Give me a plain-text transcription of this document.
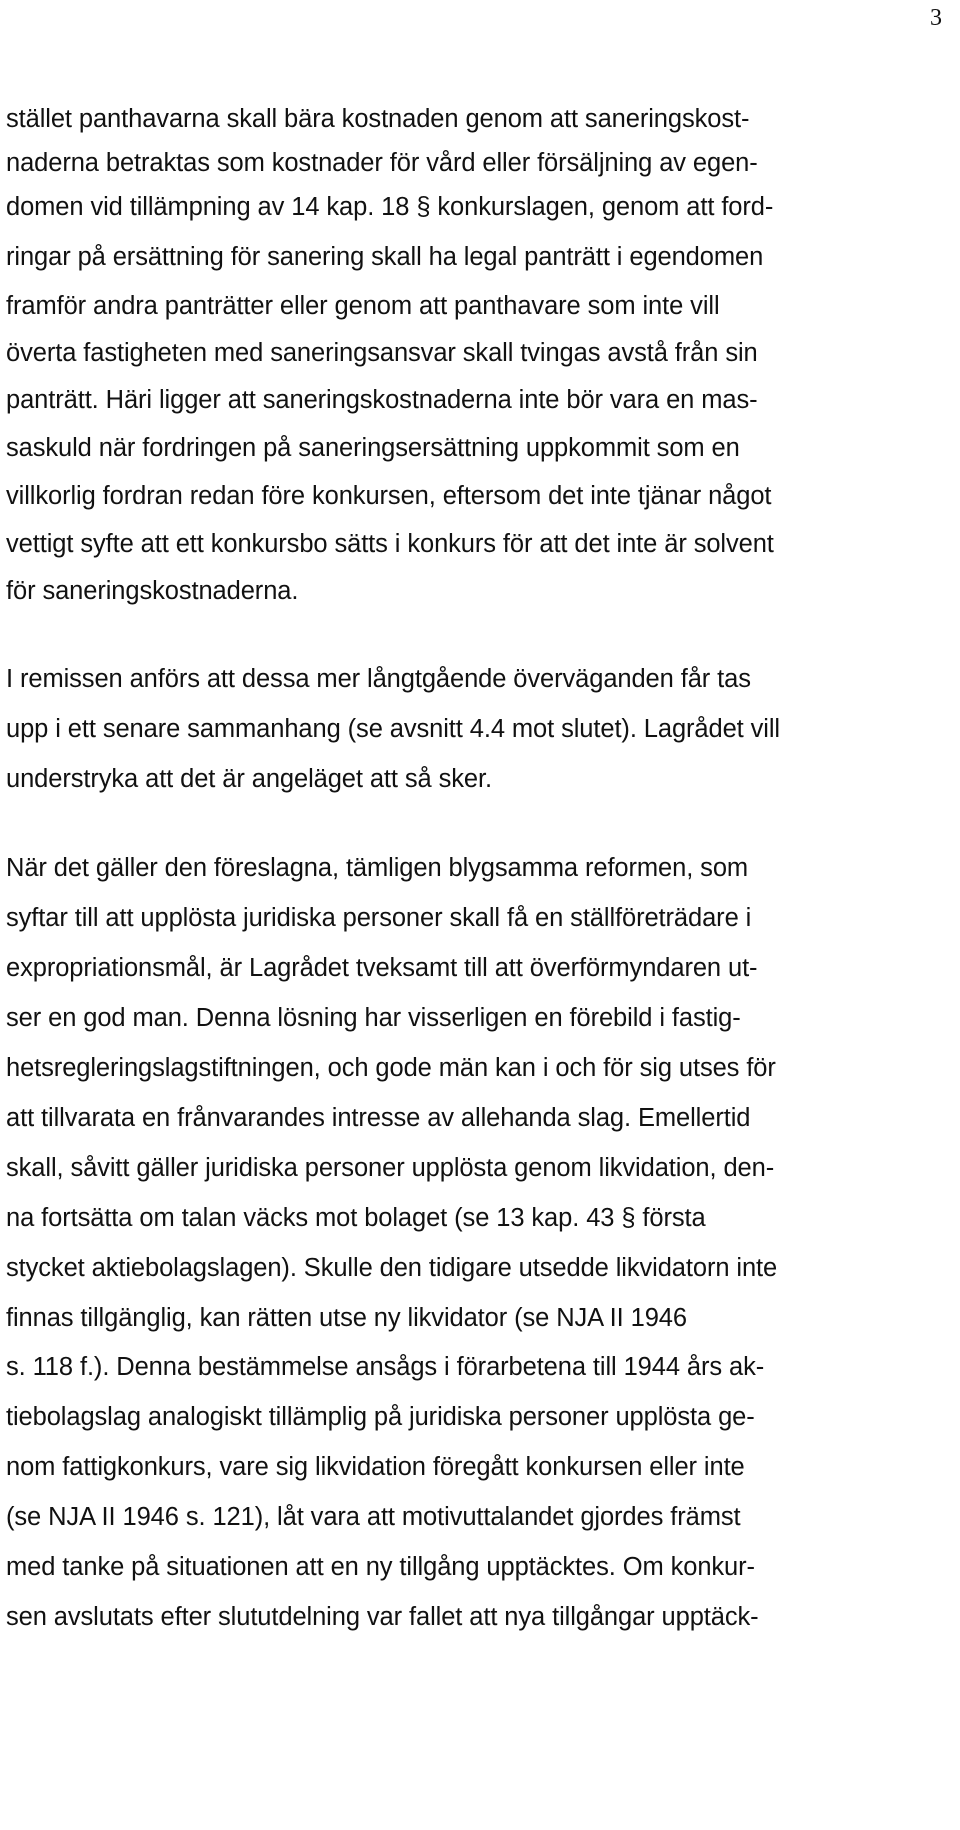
3
stället panthavarna skall bära kostnaden genom att saneringskost-
naderna betraktas som kostnader för vård eller försäljning av egen-
domen vid tillämpning av 14 kap. 18 § konkurslagen, genom att ford-
ringar på ersättning för sanering skall ha legal panträtt i egendomen
framför andra panträtter eller genom att panthavare som inte vill
överta fastigheten med saneringsansvar skall tvingas avstå från sin
panträtt. Häri ligger att saneringskostnaderna inte bör vara en mas-
saskuld när fordringen på saneringsersättning uppkommit som en
villkorlig fordran redan före konkursen, eftersom det inte tjänar något
vettigt syfte att ett konkursbo sätts i konkurs för att det inte är solvent
för saneringskostnaderna.
I remissen anförs att dessa mer långtgående överväganden får tas
upp i ett senare sammanhang (se avsnitt 4.4 mot slutet). Lagrådet vill
understryka att det är angeläget att så sker.
När det gäller den föreslagna, tämligen blygsamma reformen, som
syftar till att upplösta juridiska personer skall få en ställföreträdare i
expropriationsmål, är Lagrådet tveksamt till att överförmyndaren ut-
ser en god man. Denna lösning har visserligen en förebild i fastig-
hetsregleringslagstiftningen, och gode män kan i och för sig utses för
att tillvarata en frånvarandes intresse av allehanda slag. Emellertid
skall, såvitt gäller juridiska personer upplösta genom likvidation, den-
na fortsätta om talan väcks mot bolaget (se 13 kap. 43 § första
stycket aktiebolagslagen). Skulle den tidigare utsedde likvidatorn inte
finnas tillgänglig, kan rätten utse ny likvidator (se NJA II 1946
s. 118 f.). Denna bestämmelse ansågs i förarbetena till 1944 års ak-
tiebolagslag analogiskt tillämplig på juridiska personer upplösta ge-
nom fattigkonkurs, vare sig likvidation föregått konkursen eller inte
(se NJA II 1946 s. 121), låt vara att motivuttalandet gjordes främst
med tanke på situationen att en ny tillgång upptäcktes. Om konkur-
sen avslutats efter slututdelning var fallet att nya tillgångar upptäck-
